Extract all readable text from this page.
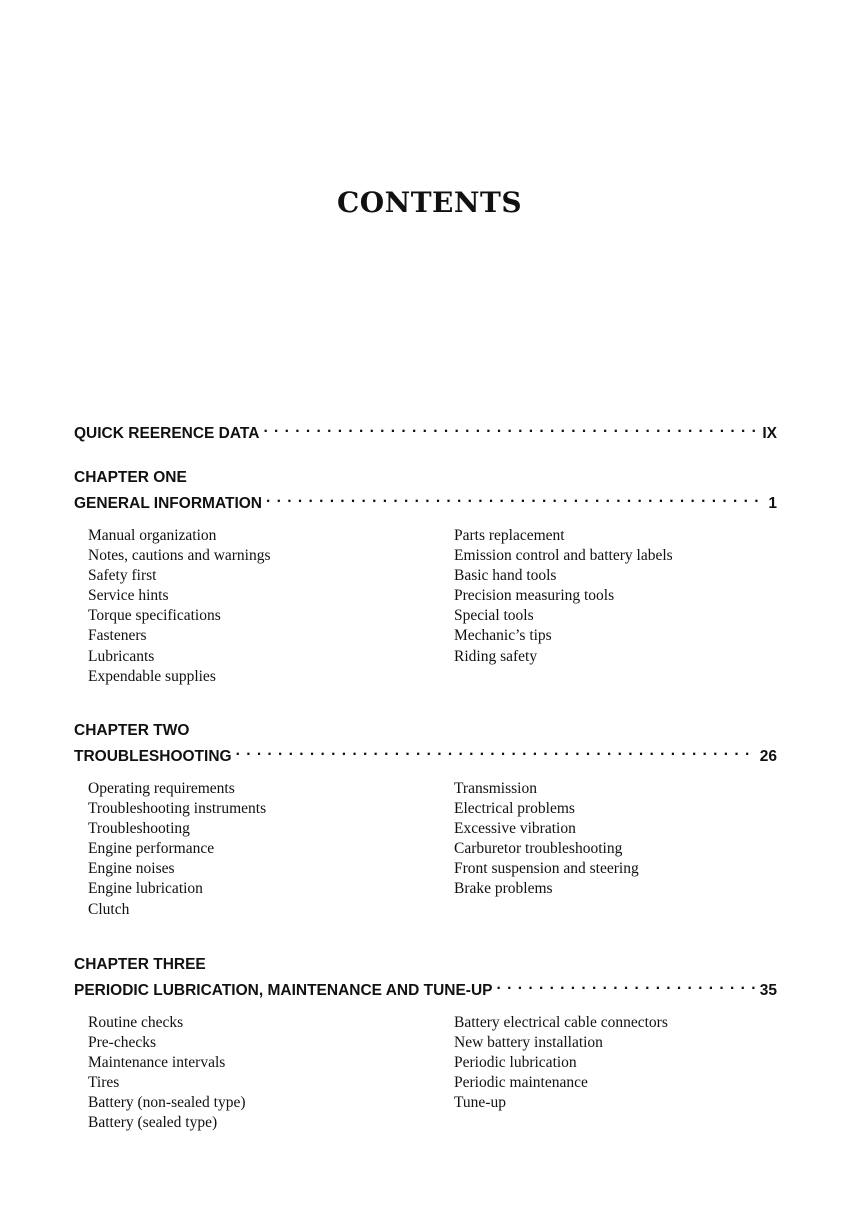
CONTENTS
QUICK REERENCE DATA . . .	IX
CHAPTER ONE
GENERAL INFORMATION . . .	1
Manual organization
Notes, cautions and warnings
Safety first
Service hints
Torque specifications
Fasteners
Lubricants
Expendable supplies
Parts replacement
Emission control and battery labels
Basic hand tools
Precision measuring tools
Special tools
Mechanic’s tips
Riding safety
CHAPTER TWO
TROUBLESHOOTING . . .	26
Operating requirements
Troubleshooting instruments
Troubleshooting
Engine performance
Engine noises
Engine lubrication
Clutch
Transmission
Electrical problems
Excessive vibration
Carburetor troubleshooting
Front suspension and steering
Brake problems
CHAPTER THREE
PERIODIC LUBRICATION, MAINTENANCE AND TUNE-UP . . .	35
Routine checks
Pre-checks
Maintenance intervals
Tires
Battery (non-sealed type)
Battery (sealed type)
Battery electrical cable connectors
New battery installation
Periodic lubrication
Periodic maintenance
Tune-up
